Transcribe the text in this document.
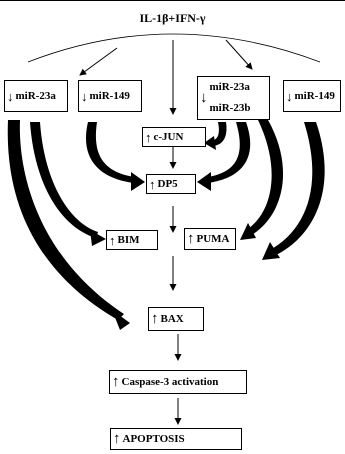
IL-1β+IFN-γ
↓ miR-23a ↓ miR-149	↓
miR-23a
miR-23b
↓ miR-149
↑ c-JUN
↑ DP5
↑ BIM	↑ PUMA
↑ BAX
↑ Caspase-3 activation
↑ APOPTOSIS
